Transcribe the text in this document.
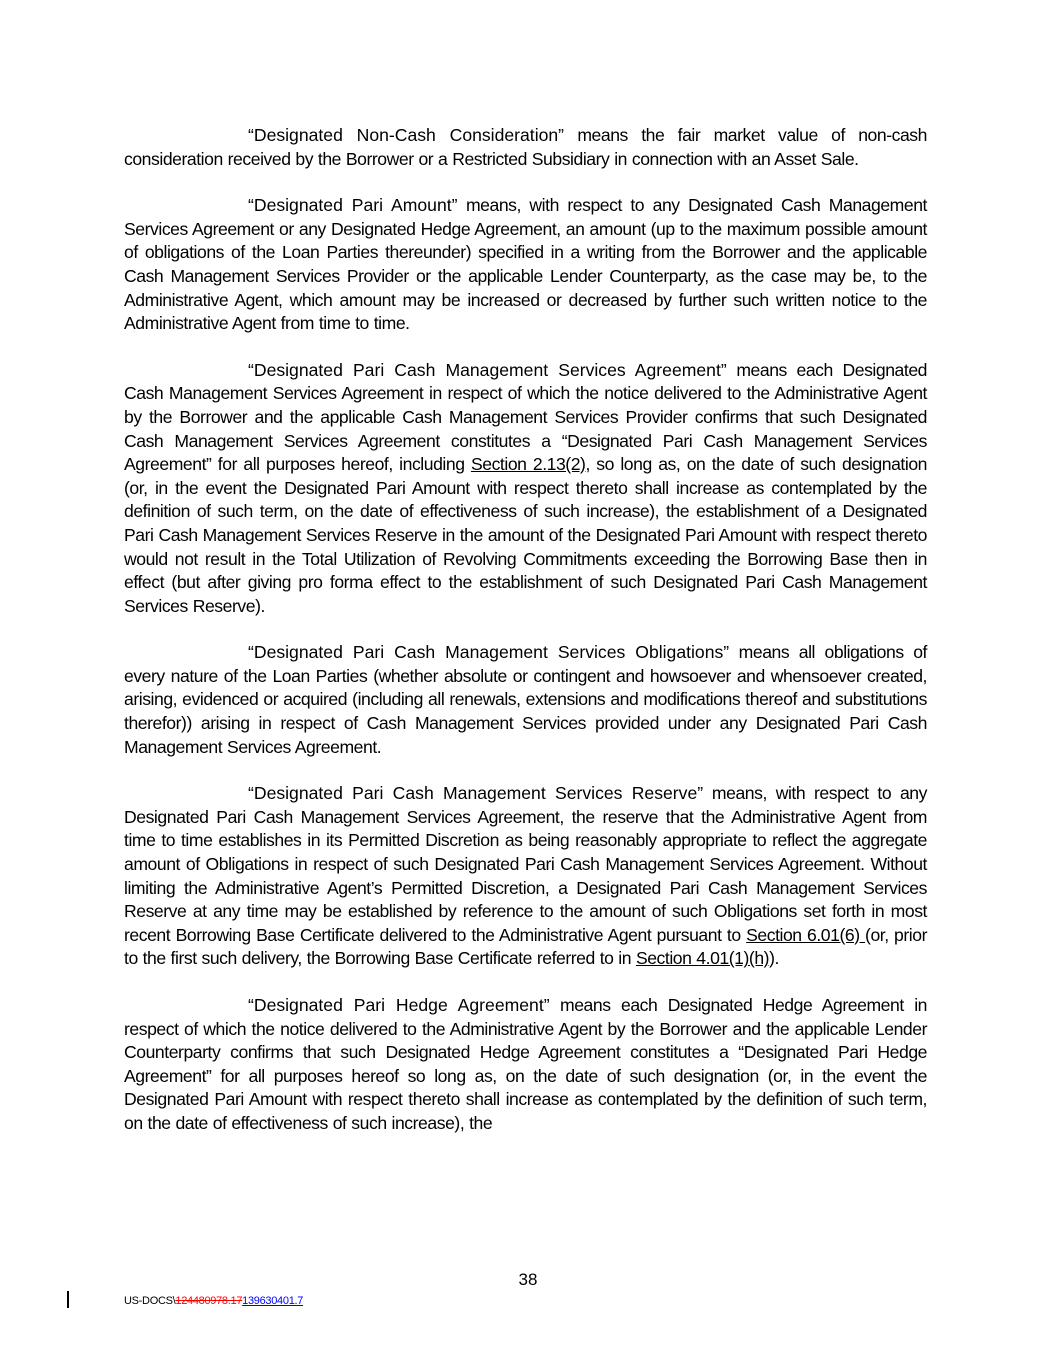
“Designated Non-Cash Consideration” means the fair market value of non-cash consideration received by the Borrower or a Restricted Subsidiary in connection with an Asset Sale.

“Designated Pari Amount” means, with respect to any Designated Cash Management Services Agreement or any Designated Hedge Agreement, an amount (up to the maximum possible amount of obligations of the Loan Parties thereunder) specified in a writing from the Borrower and the applicable Cash Management Services Provider or the applicable Lender Counterparty, as the case may be, to the Administrative Agent, which amount may be increased or decreased by further such written notice to the Administrative Agent from time to time.

“Designated Pari Cash Management Services Agreement” means each Designated Cash Management Services Agreement in respect of which the notice delivered to the Administrative Agent by the Borrower and the applicable Cash Management Services Provider confirms that such Designated Cash Management Services Agreement constitutes a “Designated Pari Cash Management Services Agreement” for all purposes hereof, including Section 2.13(2), so long as, on the date of such designation (or, in the event the Designated Pari Amount with respect thereto shall increase as contemplated by the definition of such term, on the date of effectiveness of such increase), the establishment of a Designated Pari Cash Management Services Reserve in the amount of the Designated Pari Amount with respect thereto would not result in the Total Utilization of Revolving Commitments exceeding the Borrowing Base then in effect (but after giving pro forma effect to the establishment of such Designated Pari Cash Management Services Reserve).

“Designated Pari Cash Management Services Obligations” means all obligations of every nature of the Loan Parties (whether absolute or contingent and howsoever and whensoever created, arising, evidenced or acquired (including all renewals, extensions and modifications thereof and substitutions therefor)) arising in respect of Cash Management Services provided under any Designated Pari Cash Management Services Agreement.

“Designated Pari Cash Management Services Reserve” means, with respect to any Designated Pari Cash Management Services Agreement, the reserve that the Administrative Agent from time to time establishes in its Permitted Discretion as being reasonably appropriate to reflect the aggregate amount of Obligations in respect of such Designated Pari Cash Management Services Agreement. Without limiting the Administrative Agent’s Permitted Discretion, a Designated Pari Cash Management Services Reserve at any time may be established by reference to the amount of such Obligations set forth in most recent Borrowing Base Certificate delivered to the Administrative Agent pursuant to Section 6.01(6) (or, prior to the first such delivery, the Borrowing Base Certificate referred to in Section 4.01(1)(h)).

“Designated Pari Hedge Agreement” means each Designated Hedge Agreement in respect of which the notice delivered to the Administrative Agent by the Borrower and the applicable Lender Counterparty confirms that such Designated Hedge Agreement constitutes a “Designated Pari Hedge Agreement” for all purposes hereof so long as, on the date of such designation (or, in the event the Designated Pari Amount with respect thereto shall increase as contemplated by the definition of such term, on the date of effectiveness of such increase), the

38
US-DOCS\124480978.17139630401.7
